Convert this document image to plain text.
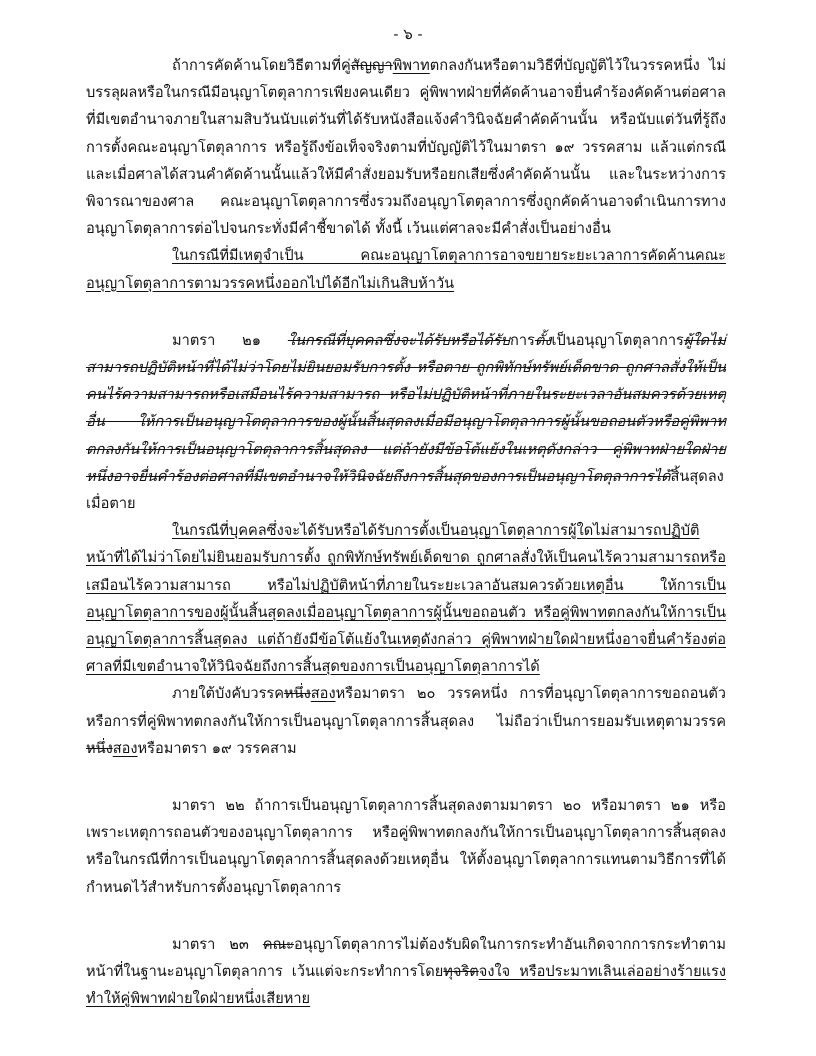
- ๖ -

ถ้าการคัดค้านโดยวิธีตามที่คู่สัญญาพิพาทตกลงกันหรือตามวิธีที่บัญญัติไว้ในวรรคหนึ่ง ไม่บรรลุผลหรือในกรณีมีอนุญาโตตุลาการเพียงคนเดียว คู่พิพาทฝ่ายที่คัดค้านอาจยื่นคำร้องคัดค้านต่อศาลที่มีเขตอำนาจภายในสามสิบวันนับแต่วันที่ได้รับหนังสือแจ้งคำวินิจฉัยคำคัดค้านนั้น หรือนับแต่วันที่รู้ถึงการตั้งคณะอนุญาโตตุลาการ หรือรู้ถึงข้อเท็จจริงตามที่บัญญัติไว้ในมาตรา ๑๙ วรรคสาม แล้วแต่กรณี และเมื่อศาลได้สวนคำคัดค้านนั้นแล้วให้มีคำสั่งยอมรับหรือยกเสียซึ่งคำคัดค้านนั้น และในระหว่างการพิจารณาของศาล คณะอนุญาโตตุลาการซึ่งรวมถึงอนุญาโตตุลาการซึ่งถูกคัดค้านอาจดำเนินการทางอนุญาโตตุลาการต่อไปจนกระทั่งมีคำชี้ขาดได้ ทั้งนี้ เว้นแต่ศาลจะมีคำสั่งเป็นอย่างอื่น

ในกรณีที่มีเหตุจำเป็น คณะอนุญาโตตุลาการอาจขยายระยะเวลาการคัดค้านคณะอนุญาโตตุลาการตามวรรคหนึ่งออกไปได้อีกไม่เกินสิบห้าวัน

มาตรา ๒๑ ในกรณีที่บุคคลซึ่งจะได้รับหรือได้รับการตั้งเป็นอนุญาโตตุลาการผู้ใดไม่สามารถปฏิบัติหน้าที่ได้ไม่ว่าโดยไม่ยินยอมรับการตั้ง หรือตาย ถูกพิทักษ์ทรัพย์เด็ดขาด ถูกศาลสั่งให้เป็นคนไร้ความสามารถหรือเสมือนไร้ความสามารถ หรือไม่ปฏิบัติหน้าที่ภายในระยะเวลาอันสมควรด้วยเหตุอื่น ให้การเป็นอนุญาโตตุลาการของผู้นั้นสิ้นสุดลงเมื่อมีอนุญาโตตุลาการผู้นั้นขอถอนตัวหรือคู่พิพาทตกลงกันให้การเป็นอนุญาโตตุลาการสิ้นสุดลง แต่ถ้ายังมีข้อโต้แย้งในเหตุดังกล่าว คู่พิพาทฝ่ายใดฝ่ายหนึ่งอาจยื่นคำร้องต่อศาลที่มีเขตอำนาจให้วินิจฉัยถึงการสิ้นสุดของการเป็นอนุญาโตตุลาการได้สิ้นสุดลงเมื่อตาย

ในกรณีที่บุคคลซึ่งจะได้รับหรือได้รับการตั้งเป็นอนุญาโตตุลาการผู้ใดไม่สามารถปฏิบัติหน้าที่ได้ไม่ว่าโดยไม่ยินยอมรับการตั้ง ถูกพิทักษ์ทรัพย์เด็ดขาด ถูกศาลสั่งให้เป็นคนไร้ความสามารถหรือเสมือนไร้ความสามารถ หรือไม่ปฏิบัติหน้าที่ภายในระยะเวลาอันสมควรด้วยเหตุอื่น ให้การเป็นอนุญาโตตุลาการของผู้นั้นสิ้นสุดลงเมื่ออนุญาโตตุลาการผู้นั้นขอถอนตัว หรือคู่พิพาทตกลงกันให้การเป็นอนุญาโตตุลาการสิ้นสุดลง แต่ถ้ายังมีข้อโต้แย้งในเหตุดังกล่าว คู่พิพาทฝ่ายใดฝ่ายหนึ่งอาจยื่นคำร้องต่อศาลที่มีเขตอำนาจให้วินิจฉัยถึงการสิ้นสุดของการเป็นอนุญาโตตุลาการได้

ภายใต้บังคับวรรคหนึ่งสองหรือมาตรา ๒๐ วรรคหนึ่ง การที่อนุญาโตตุลาการขอถอนตัว หรือการที่คู่พิพาทตกลงกันให้การเป็นอนุญาโตตุลาการสิ้นสุดลง ไม่ถือว่าเป็นการยอมรับเหตุตามวรรคหนึ่งสองหรือมาตรา ๑๙ วรรคสาม

มาตรา ๒๒ ถ้าการเป็นอนุญาโตตุลาการสิ้นสุดลงตามมาตรา ๒๐ หรือมาตรา ๒๑ หรือเพราะเหตุการถอนตัวของอนุญาโตตุลาการ หรือคู่พิพาทตกลงกันให้การเป็นอนุญาโตตุลาการสิ้นสุดลง หรือในกรณีที่การเป็นอนุญาโตตุลาการสิ้นสุดลงด้วยเหตุอื่น ให้ตั้งอนุญาโตตุลาการแทนตามวิธีการที่ได้กำหนดไว้สำหรับการตั้งอนุญาโตตุลาการ

มาตรา ๒๓ คณะอนุญาโตตุลาการไม่ต้องรับผิดในการกระทำอันเกิดจากการกระทำตามหน้าที่ในฐานะอนุญาโตตุลาการ เว้นแต่จะกระทำการโดยทุจริตจงใจ หรือประมาทเลินเล่ออย่างร้ายแรงทำให้คู่พิพาทฝ่ายใดฝ่ายหนึ่งเสียหาย
